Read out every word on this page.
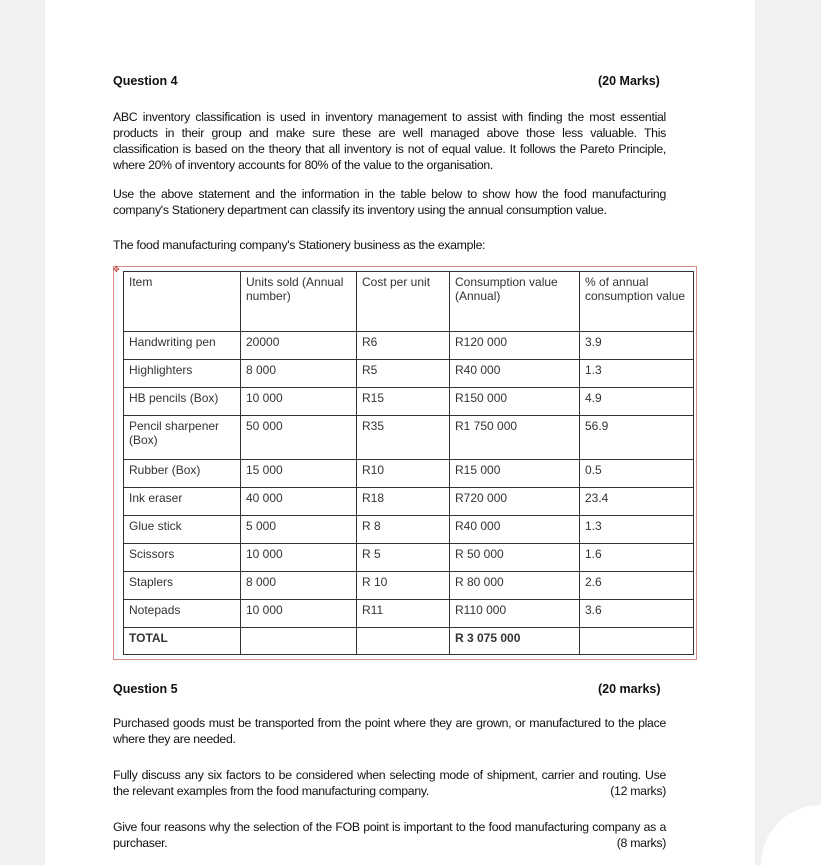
Question 4	(20 Marks)
ABC inventory classification is used in inventory management to assist with finding the most essential products in their group and make sure these are well managed above those less valuable. This classification is based on the theory that all inventory is not of equal value. It follows the Pareto Principle, where 20% of inventory accounts for 80% of the value to the organisation.
Use the above statement and the information in the table below to show how the food manufacturing company's Stationery department can classify its inventory using the annual consumption value.
The food manufacturing company's Stationery business as the example:
✥
Item	Units sold (Annual number)	Cost per unit	Consumption value (Annual)	% of annual consumption value
Handwriting pen	20000	R6	R120 000	3.9
Highlighters	8 000	R5	R40 000	1.3
HB pencils (Box)	10 000	R15	R150 000	4.9
Pencil sharpener (Box)	50 000	R35	R1 750 000	56.9
Rubber (Box)	15 000	R10	R15 000	0.5
Ink eraser	40 000	R18	R720 000	23.4
Glue stick	5 000	R 8	R40 000	1.3
Scissors	10 000	R 5	R 50 000	1.6
Staplers	8 000	R 10	R 80 000	2.6
Notepads	10 000	R11	R110 000	3.6
TOTAL			R 3 075 000	
Question 5	(20 marks)
Purchased goods must be transported from the point where they are grown, or manufactured to the place where they are needed.
Fully discuss any six factors to be considered when selecting mode of shipment, carrier and routing. Use the relevant examples from the food manufacturing company.	(12 marks)
Give four reasons why the selection of the FOB point is important to the food manufacturing company as a purchaser.	(8 marks)
